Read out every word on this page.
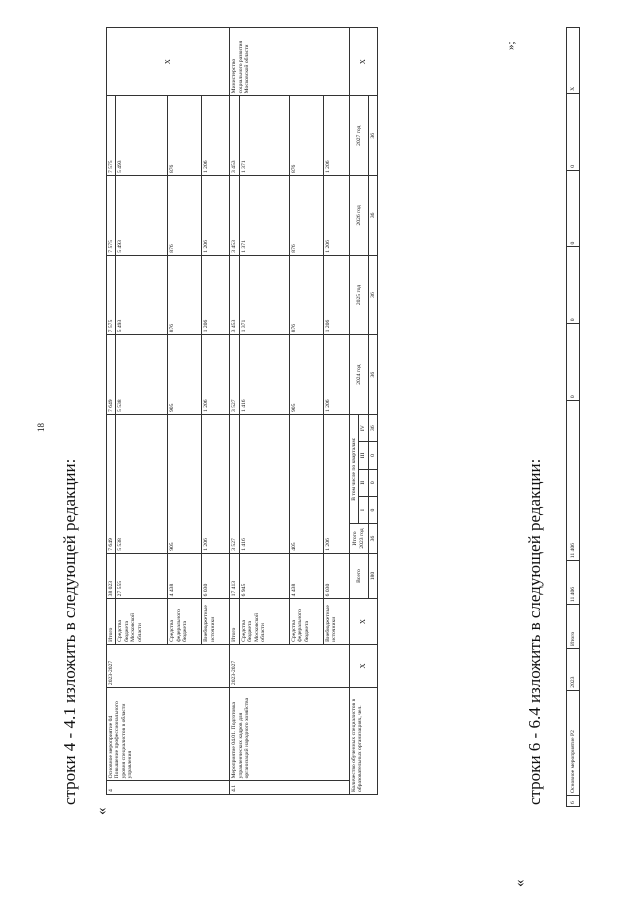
18
«
строки 4 - 4.1 изложить в следующей редакции:	4	Основное мероприятие 04 Повышение профессионального уровня специалистов в области управления	2023-2027	Итого	38 023	7 649					7 649	7 575	7 575	7 575	X
			Средства бюджета Московской области	27 555	5 538					5 538	5 493	5 493	5 493	
			Средства федерального бюджета	4 438	905					905	876	876	876	
			Внебюджетные источники	6 030	1 206					1 206	1 206	1 206	1 206	
4.1	Мероприятие 04.01. Подготовка управленческих кадров для организаций народного хозяйства	2023-2027	Итого	17 413	3 527					3 527	3 453	3 453	3 453	Министерство социального развития Московской области
			Средства бюджета Московской области	6 945	1 416					1 416	1 371	1 371	1 371	
			Средства федерального бюджета	4 438	405					905	876	876	876	
			Внебюджетные источники	6 030	1 206					1 206	1 206	1 206	1 206	
Количество обученных специалистов в образовательных организациях, чел.		X	X	Всего	Итого 2023 год	В том числе по кварталам:				2024 год	2025 год	2026 год	2027 год	X
						I	II	III	IV					
				180	36	0	0	0	36	36	36	36	36	
»;
«
строки 6 - 6.4 изложить в следующей редакции:	6	Основное мероприятие Р2	2023	Итого	11 406	11 406	0	0	0	0	X
